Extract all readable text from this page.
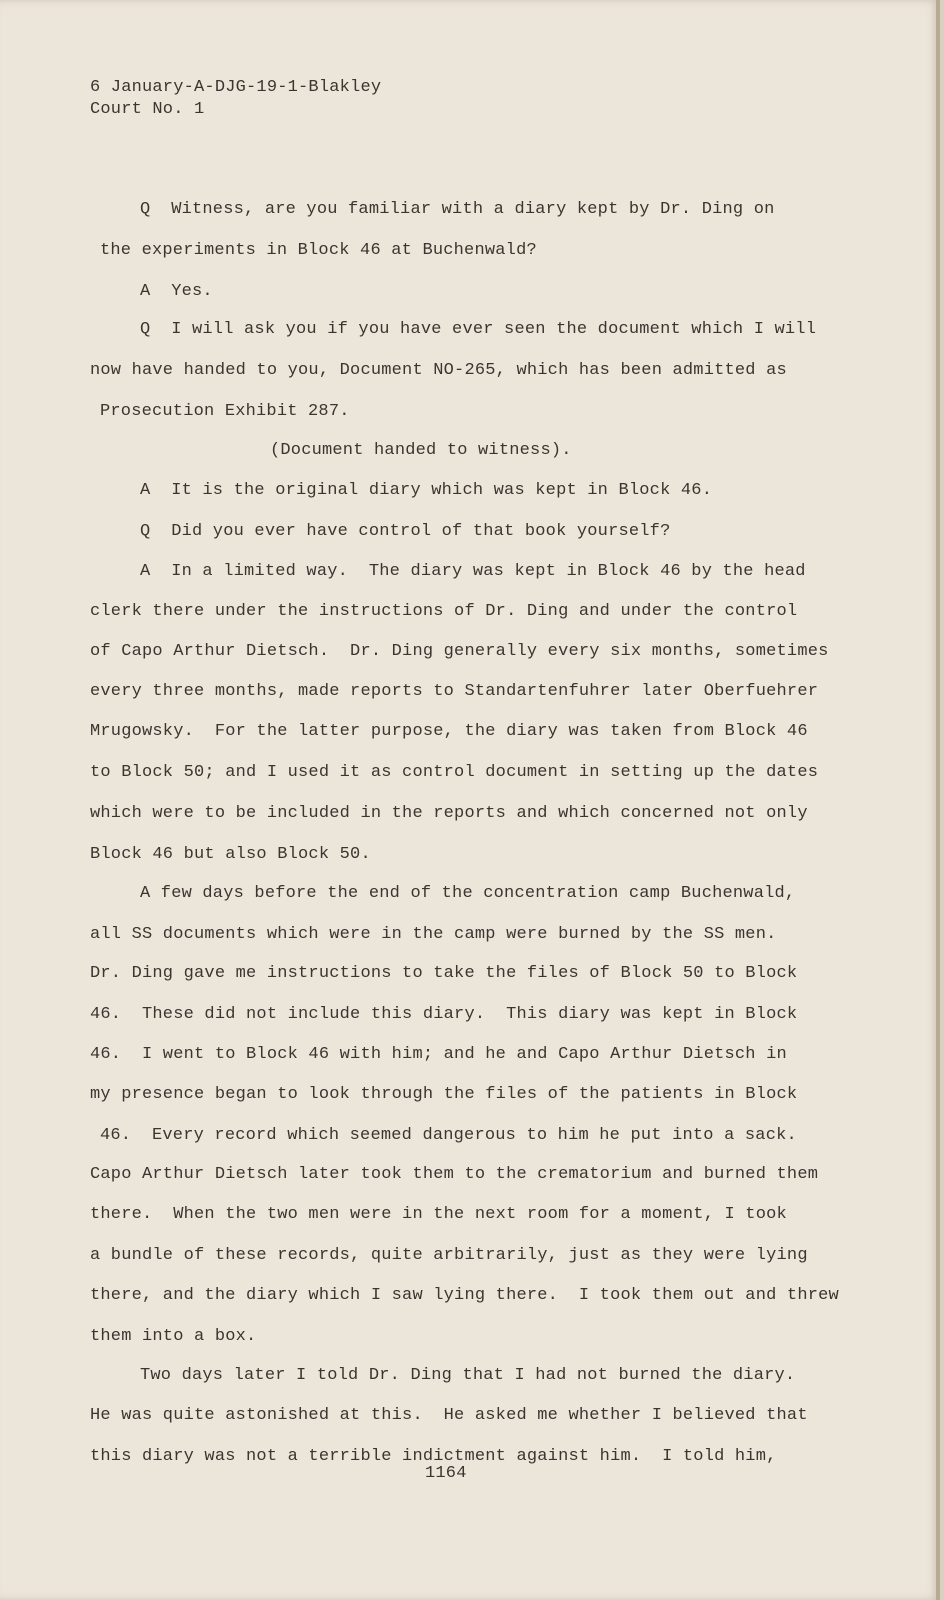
6 January-A-DJG-19-1-Blakley
Court No. 1
Q  Witness, are you familiar with a diary kept by Dr. Ding on
the experiments in Block 46 at Buchenwald?
A  Yes.
Q  I will ask you if you have ever seen the document which I will
now have handed to you, Document NO-265, which has been admitted as
Prosecution Exhibit 287.
(Document handed to witness).
A  It is the original diary which was kept in Block 46.
Q  Did you ever have control of that book yourself?
A  In a limited way.  The diary was kept in Block 46 by the head
clerk there under the instructions of Dr. Ding and under the control
of Capo Arthur Dietsch.  Dr. Ding generally every six months, sometimes
every three months, made reports to Standartenfuhrer later Oberfuehrer
Mrugowsky.  For the latter purpose, the diary was taken from Block 46
to Block 50; and I used it as control document in setting up the dates
which were to be included in the reports and which concerned not only
Block 46 but also Block 50.
A few days before the end of the concentration camp Buchenwald,
all SS documents which were in the camp were burned by the SS men.
Dr. Ding gave me instructions to take the files of Block 50 to Block
46.  These did not include this diary.  This diary was kept in Block
46.  I went to Block 46 with him; and he and Capo Arthur Dietsch in
my presence began to look through the files of the patients in Block
46.  Every record which seemed dangerous to him he put into a sack.
Capo Arthur Dietsch later took them to the crematorium and burned them
there.  When the two men were in the next room for a moment, I took
a bundle of these records, quite arbitrarily, just as they were lying
there, and the diary which I saw lying there.  I took them out and threw
them into a box.
Two days later I told Dr. Ding that I had not burned the diary.
He was quite astonished at this.  He asked me whether I believed that
this diary was not a terrible indictment against him.  I told him,
1164
